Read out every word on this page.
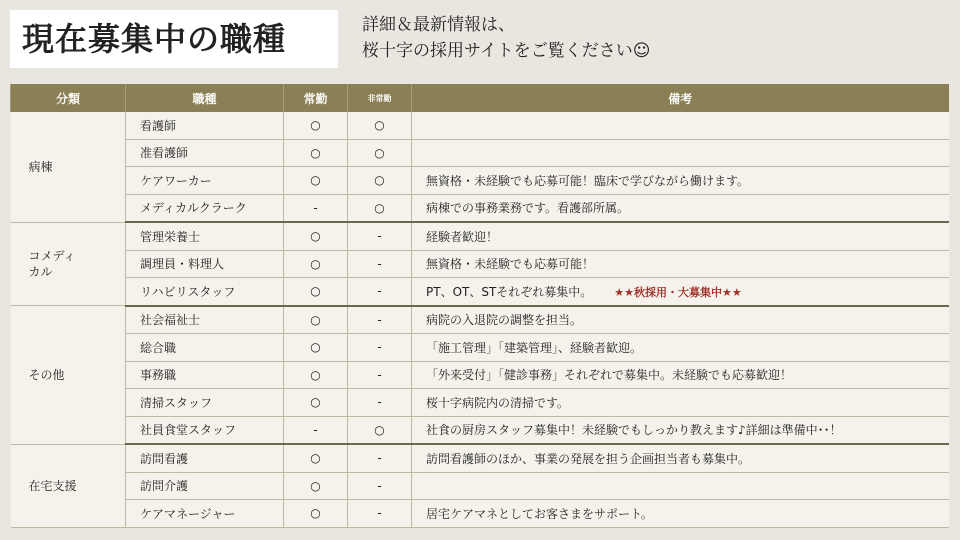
現在募集中の職種	詳細＆最新情報は、
桜十字の採用サイトをご覧ください☺
分類	職種	常勤	非常勤	備考
病棟	看護師	○	○	
	准看護師	○	○	
	ケアワーカー	○	○	無資格・未経験でも応募可能！臨床で学びながら働けます。
	メディカルクラーク	-	○	病棟での事務業務です。看護部所属。
コメディ
カル	管理栄養士	○	-	経験者歓迎！
	調理員・料理人	○	-	無資格・未経験でも応募可能！
	リハビリスタッフ	○	-	PT、OT、STそれぞれ募集中。 ★★秋採用・大募集中★★
その他	社会福祉士	○	-	病院の入退院の調整を担当。
	総合職	○	-	「施工管理」「建築管理」、経験者歓迎。
	事務職	○	-	「外来受付」「健診事務」それぞれで募集中。未経験でも応募歓迎！
	清掃スタッフ	○	-	桜十字病院内の清掃です。
	社員食堂スタッフ	-	○	社食の厨房スタッフ募集中！未経験でもしっかり教えます♪詳細は準備中･･！
在宅支援	訪問看護	○	-	訪問看護師のほか、事業の発展を担う企画担当者も募集中。
	訪問介護	○	-	
	ケアマネージャー	○	-	居宅ケアマネとしてお客さまをサポート。
